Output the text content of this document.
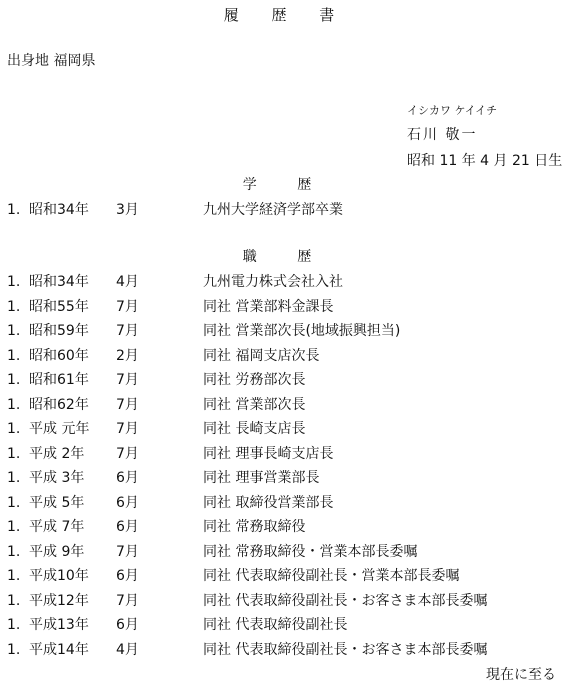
履 歴 書
出身地 福岡県
イシカワ ケイイチ
石川 敬一
昭和 11 年 4 月 21 日生
学 歴
1. 昭和34年 3月	九州大学経済学部卒業
職 歴
1. 昭和34年 4月	九州電力株式会社入社
1. 昭和55年 7月	同社 営業部料金課長
1. 昭和59年 7月	同社 営業部次長(地域振興担当)
1. 昭和60年 2月	同社 福岡支店次長
1. 昭和61年 7月	同社 労務部次長
1. 昭和62年 7月	同社 営業部次長
1. 平成 元年 7月	同社 長崎支店長
1. 平成 2年 7月	同社 理事長崎支店長
1. 平成 3年 6月	同社 理事営業部長
1. 平成 5年 6月	同社 取締役営業部長
1. 平成 7年 6月	同社 常務取締役
1. 平成 9年 7月	同社 常務取締役・営業本部長委嘱
1. 平成10年 6月	同社 代表取締役副社長・営業本部長委嘱
1. 平成12年 7月	同社 代表取締役副社長・お客さま本部長委嘱
1. 平成13年 6月	同社 代表取締役副社長
1. 平成14年 4月	同社 代表取締役副社長・お客さま本部長委嘱
現在に至る
